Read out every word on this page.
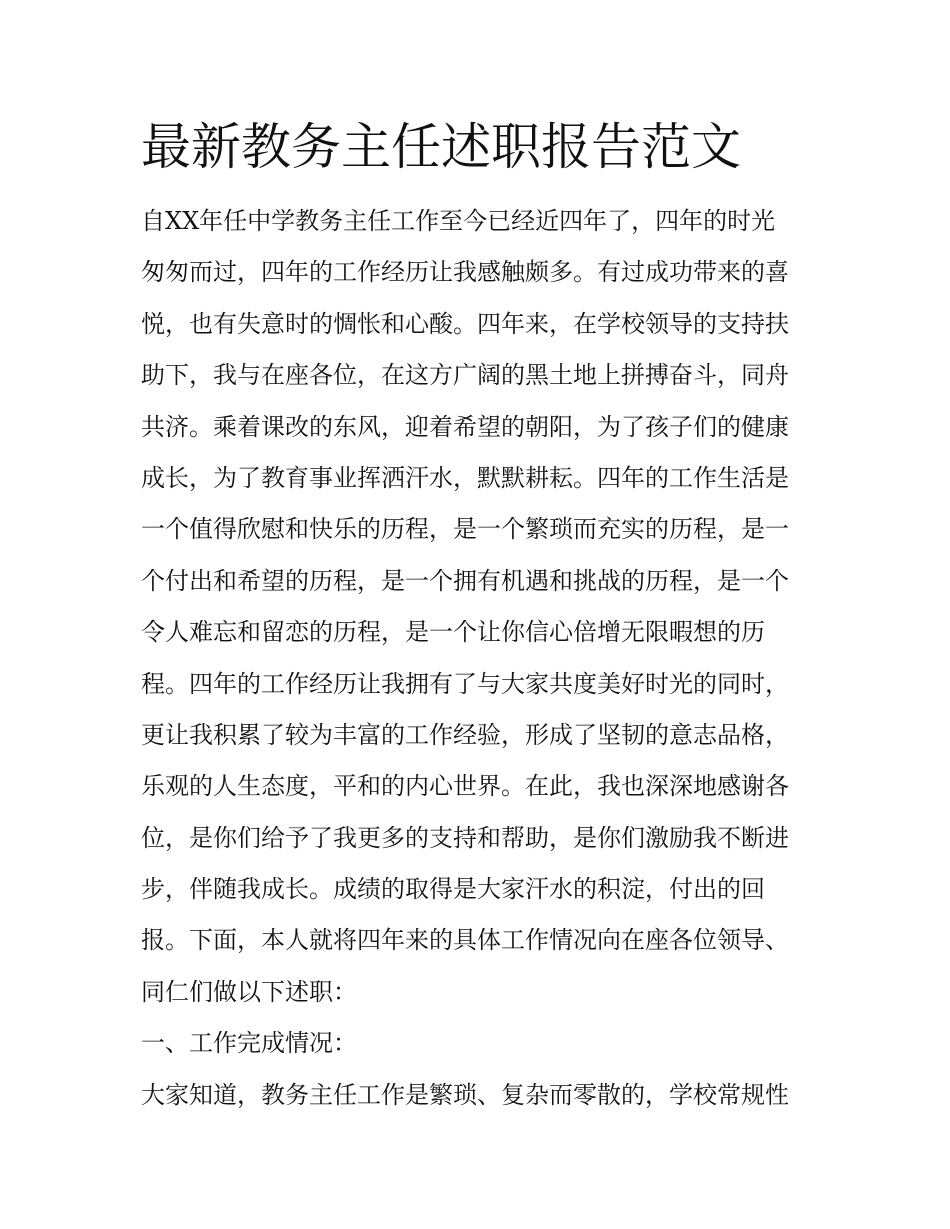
最新教务主任述职报告范文
自XX年任中学教务主任工作至今已经近四年了，四年的时光
匆匆而过，四年的工作经历让我感触颇多。有过成功带来的喜
悦，也有失意时的惆怅和心酸。四年来，在学校领导的支持扶
助下，我与在座各位，在这方广阔的黑土地上拼搏奋斗，同舟
共济。乘着课改的东风，迎着希望的朝阳，为了孩子们的健康
成长，为了教育事业挥洒汗水，默默耕耘。四年的工作生活是
一个值得欣慰和快乐的历程，是一个繁琐而充实的历程，是一
个付出和希望的历程，是一个拥有机遇和挑战的历程，是一个
令人难忘和留恋的历程，是一个让你信心倍增无限暇想的历
程。四年的工作经历让我拥有了与大家共度美好时光的同时，
更让我积累了较为丰富的工作经验，形成了坚韧的意志品格，
乐观的人生态度，平和的内心世界。在此，我也深深地感谢各
位，是你们给予了我更多的支持和帮助，是你们激励我不断进
步，伴随我成长。成绩的取得是大家汗水的积淀，付出的回
报。下面，本人就将四年来的具体工作情况向在座各位领导、
同仁们做以下述职：
一、工作完成情况：
大家知道，教务主任工作是繁琐、复杂而零散的，学校常规性
